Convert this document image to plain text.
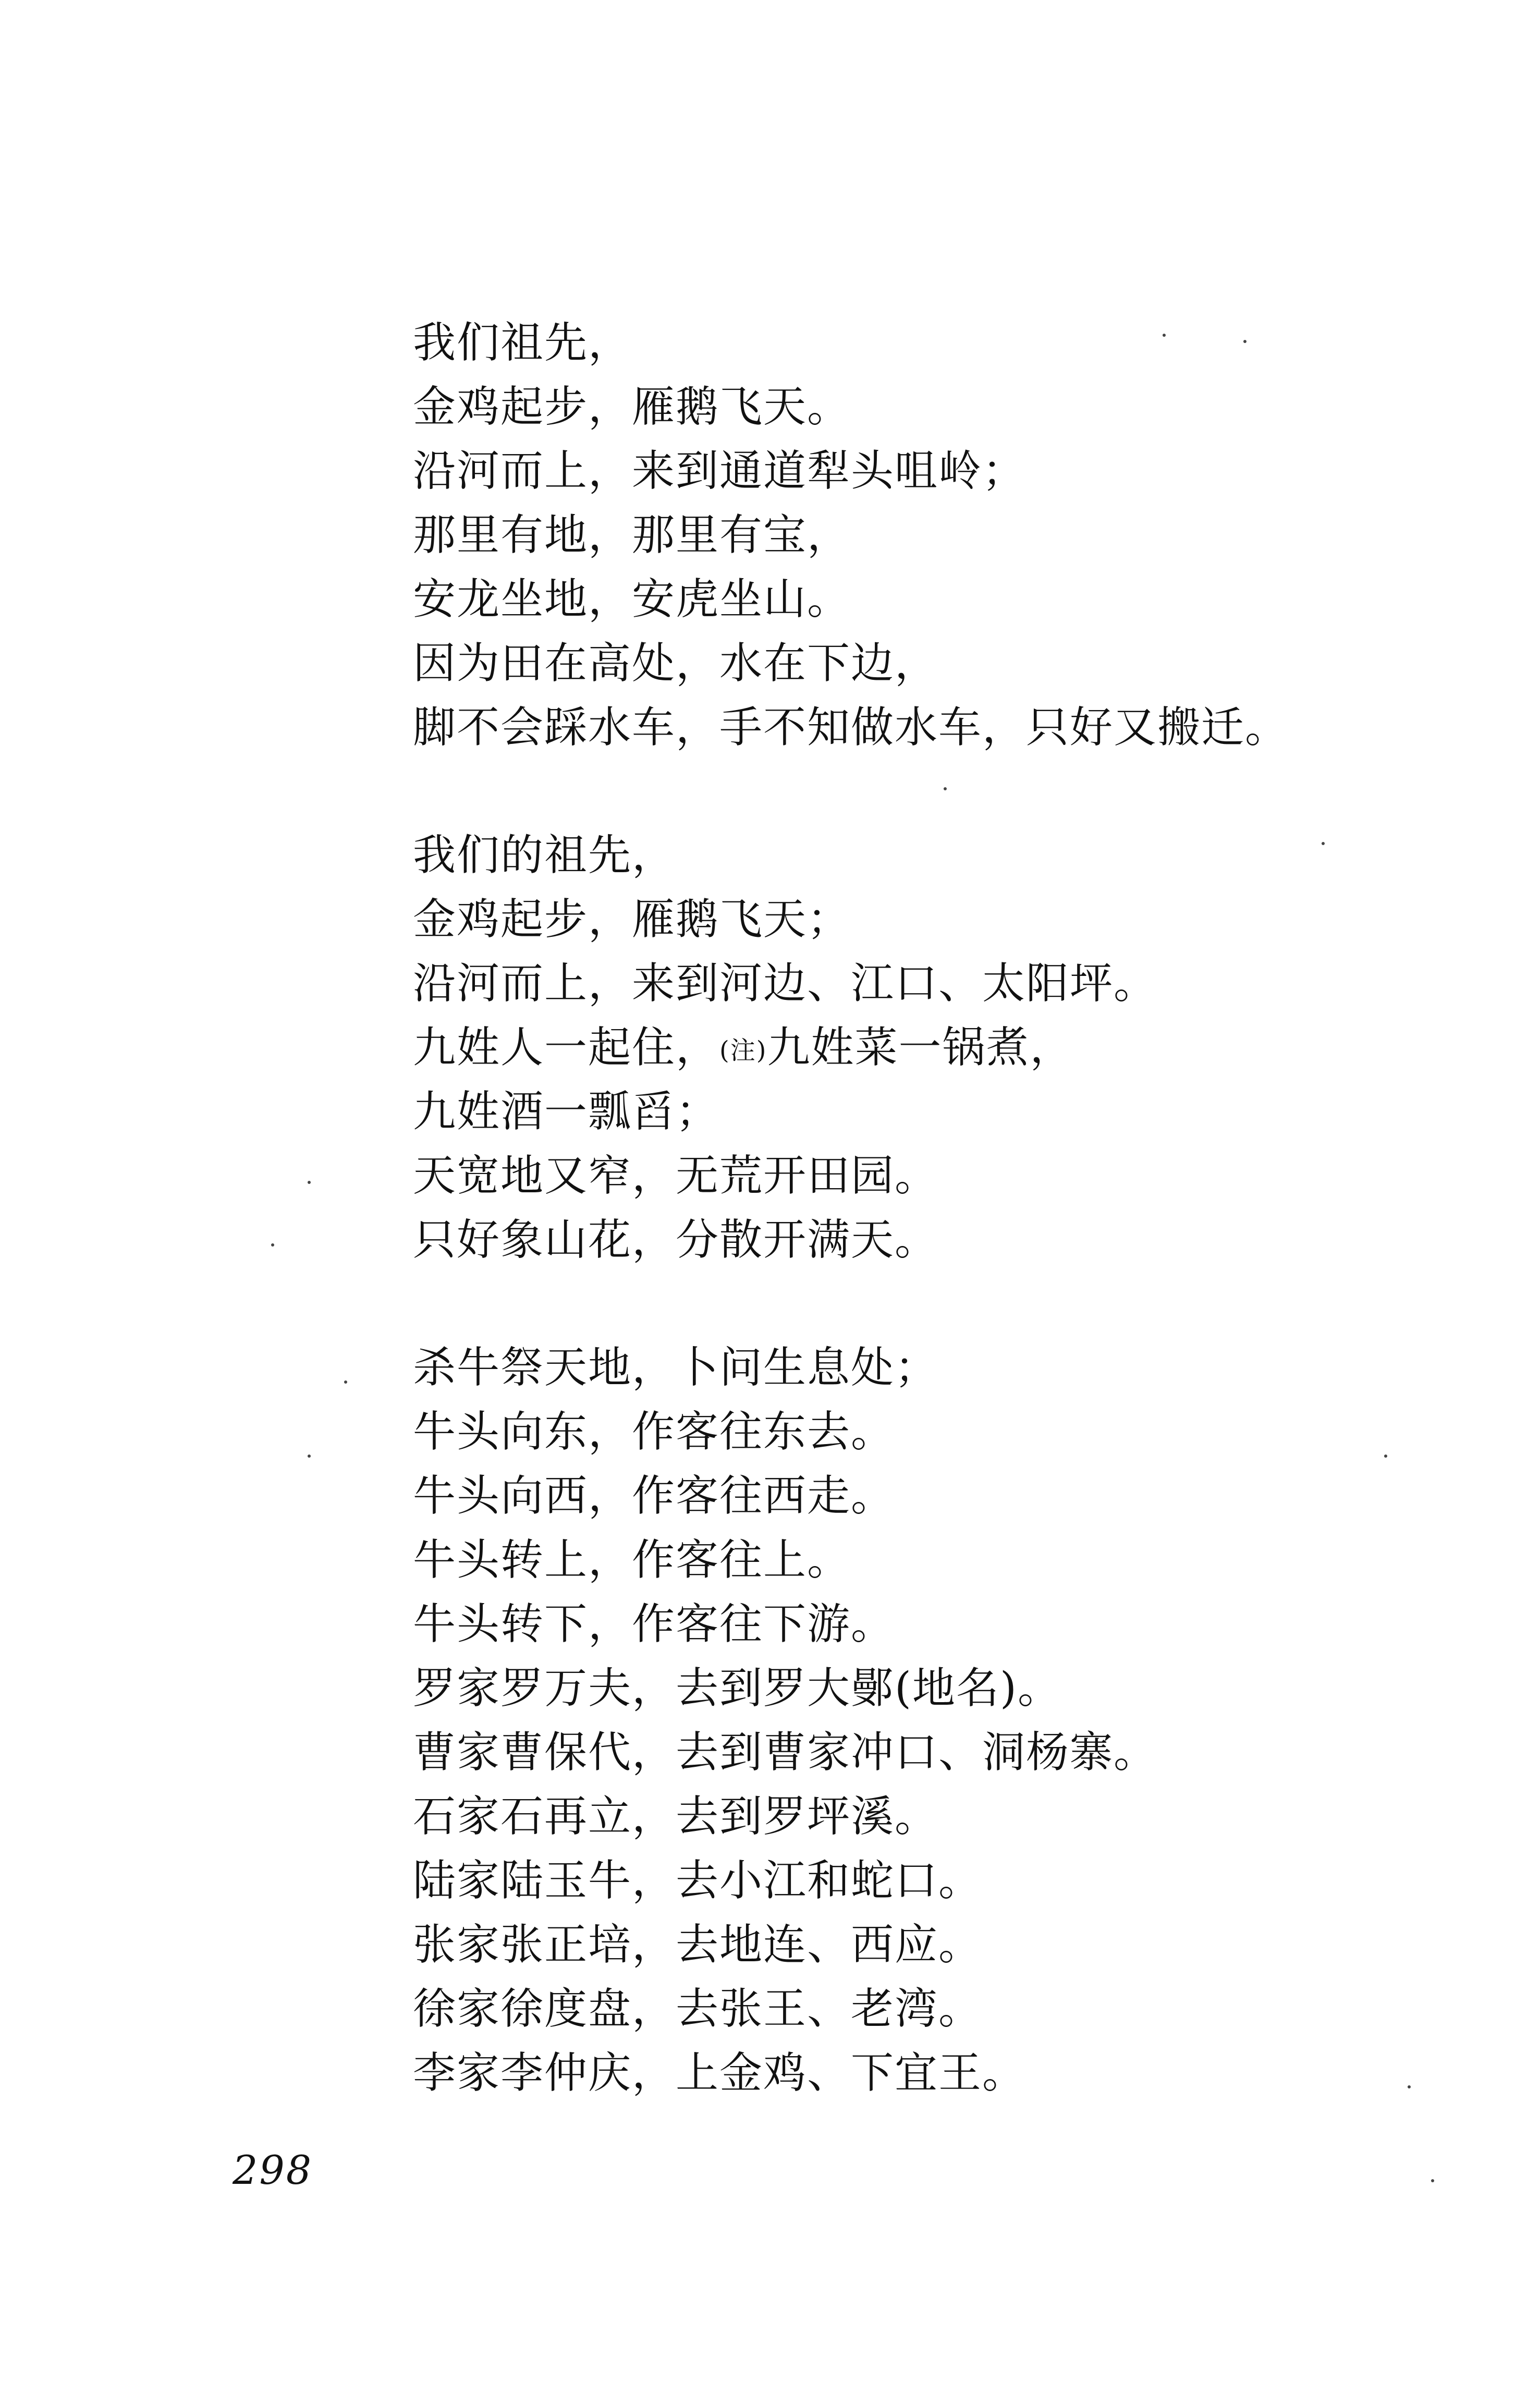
我们祖先，
金鸡起步，雁鹅飞天。
沿河而上，来到通道犁头咀岭；
那里有地，那里有宝，
安龙坐地，安虎坐山。
因为田在高处，水在下边，
脚不会踩水车，手不知做水车，只好又搬迁。
我们的祖先，
金鸡起步，雁鹅飞天；
沿河而上，来到河边、江口、太阳坪。
九姓人一起住，(注)九姓菜一锅煮，
九姓酒一瓢舀；
天宽地又窄，无荒开田园。
只好象山花，分散开满天。
杀牛祭天地，卜问生息处；
牛头向东，作客往东去。
牛头向西，作客往西走。
牛头转上，作客往上。
牛头转下，作客往下游。
罗家罗万夫，去到罗大鄤(地名)。
曹家曹保代，去到曹家冲口、洞杨寨。
石家石再立，去到罗坪溪。
陆家陆玉牛，去小江和蛇口。
张家张正培，去地连、西应。
徐家徐度盘，去张王、老湾。
李家李仲庆，上金鸡、下宜王。
298
